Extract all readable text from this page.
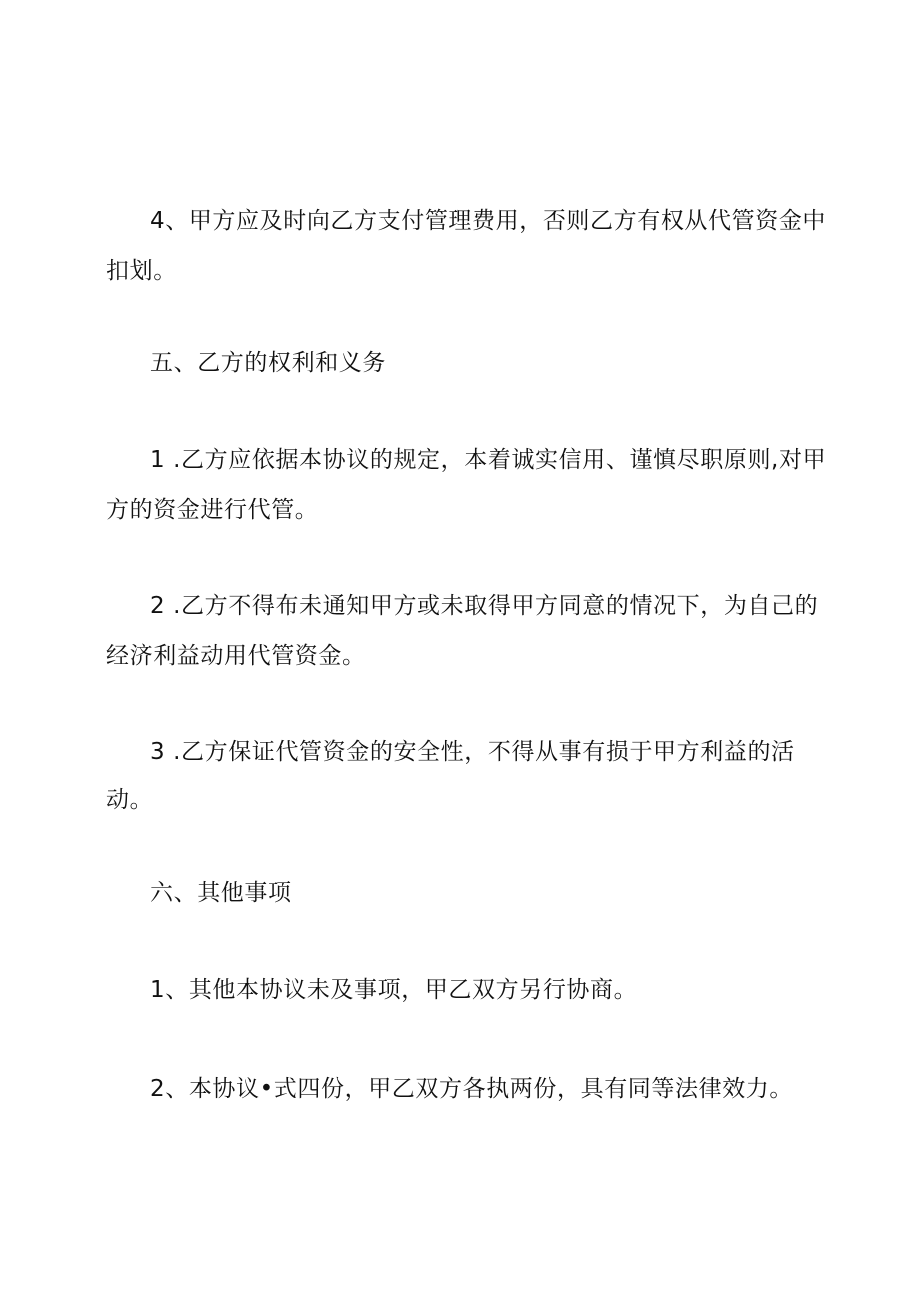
4、甲方应及时向乙方支付管理费用，否则乙方有权从代管资金中
扣划。
五、乙方的权利和义务
1 .乙方应依据本协议的规定，本着诚实信用、谨慎尽职原则,对甲
方的资金进行代管。
2 .乙方不得布未通知甲方或未取得甲方同意的情况下，为自己的
经济利益动用代管资金。
3 .乙方保证代管资金的安全性，不得从事有损于甲方利益的活
动。
六、其他事项
1、其他本协议未及事项，甲乙双方另行协商。
2、本协议•式四份，甲乙双方各执两份，具有同等法律效力。
